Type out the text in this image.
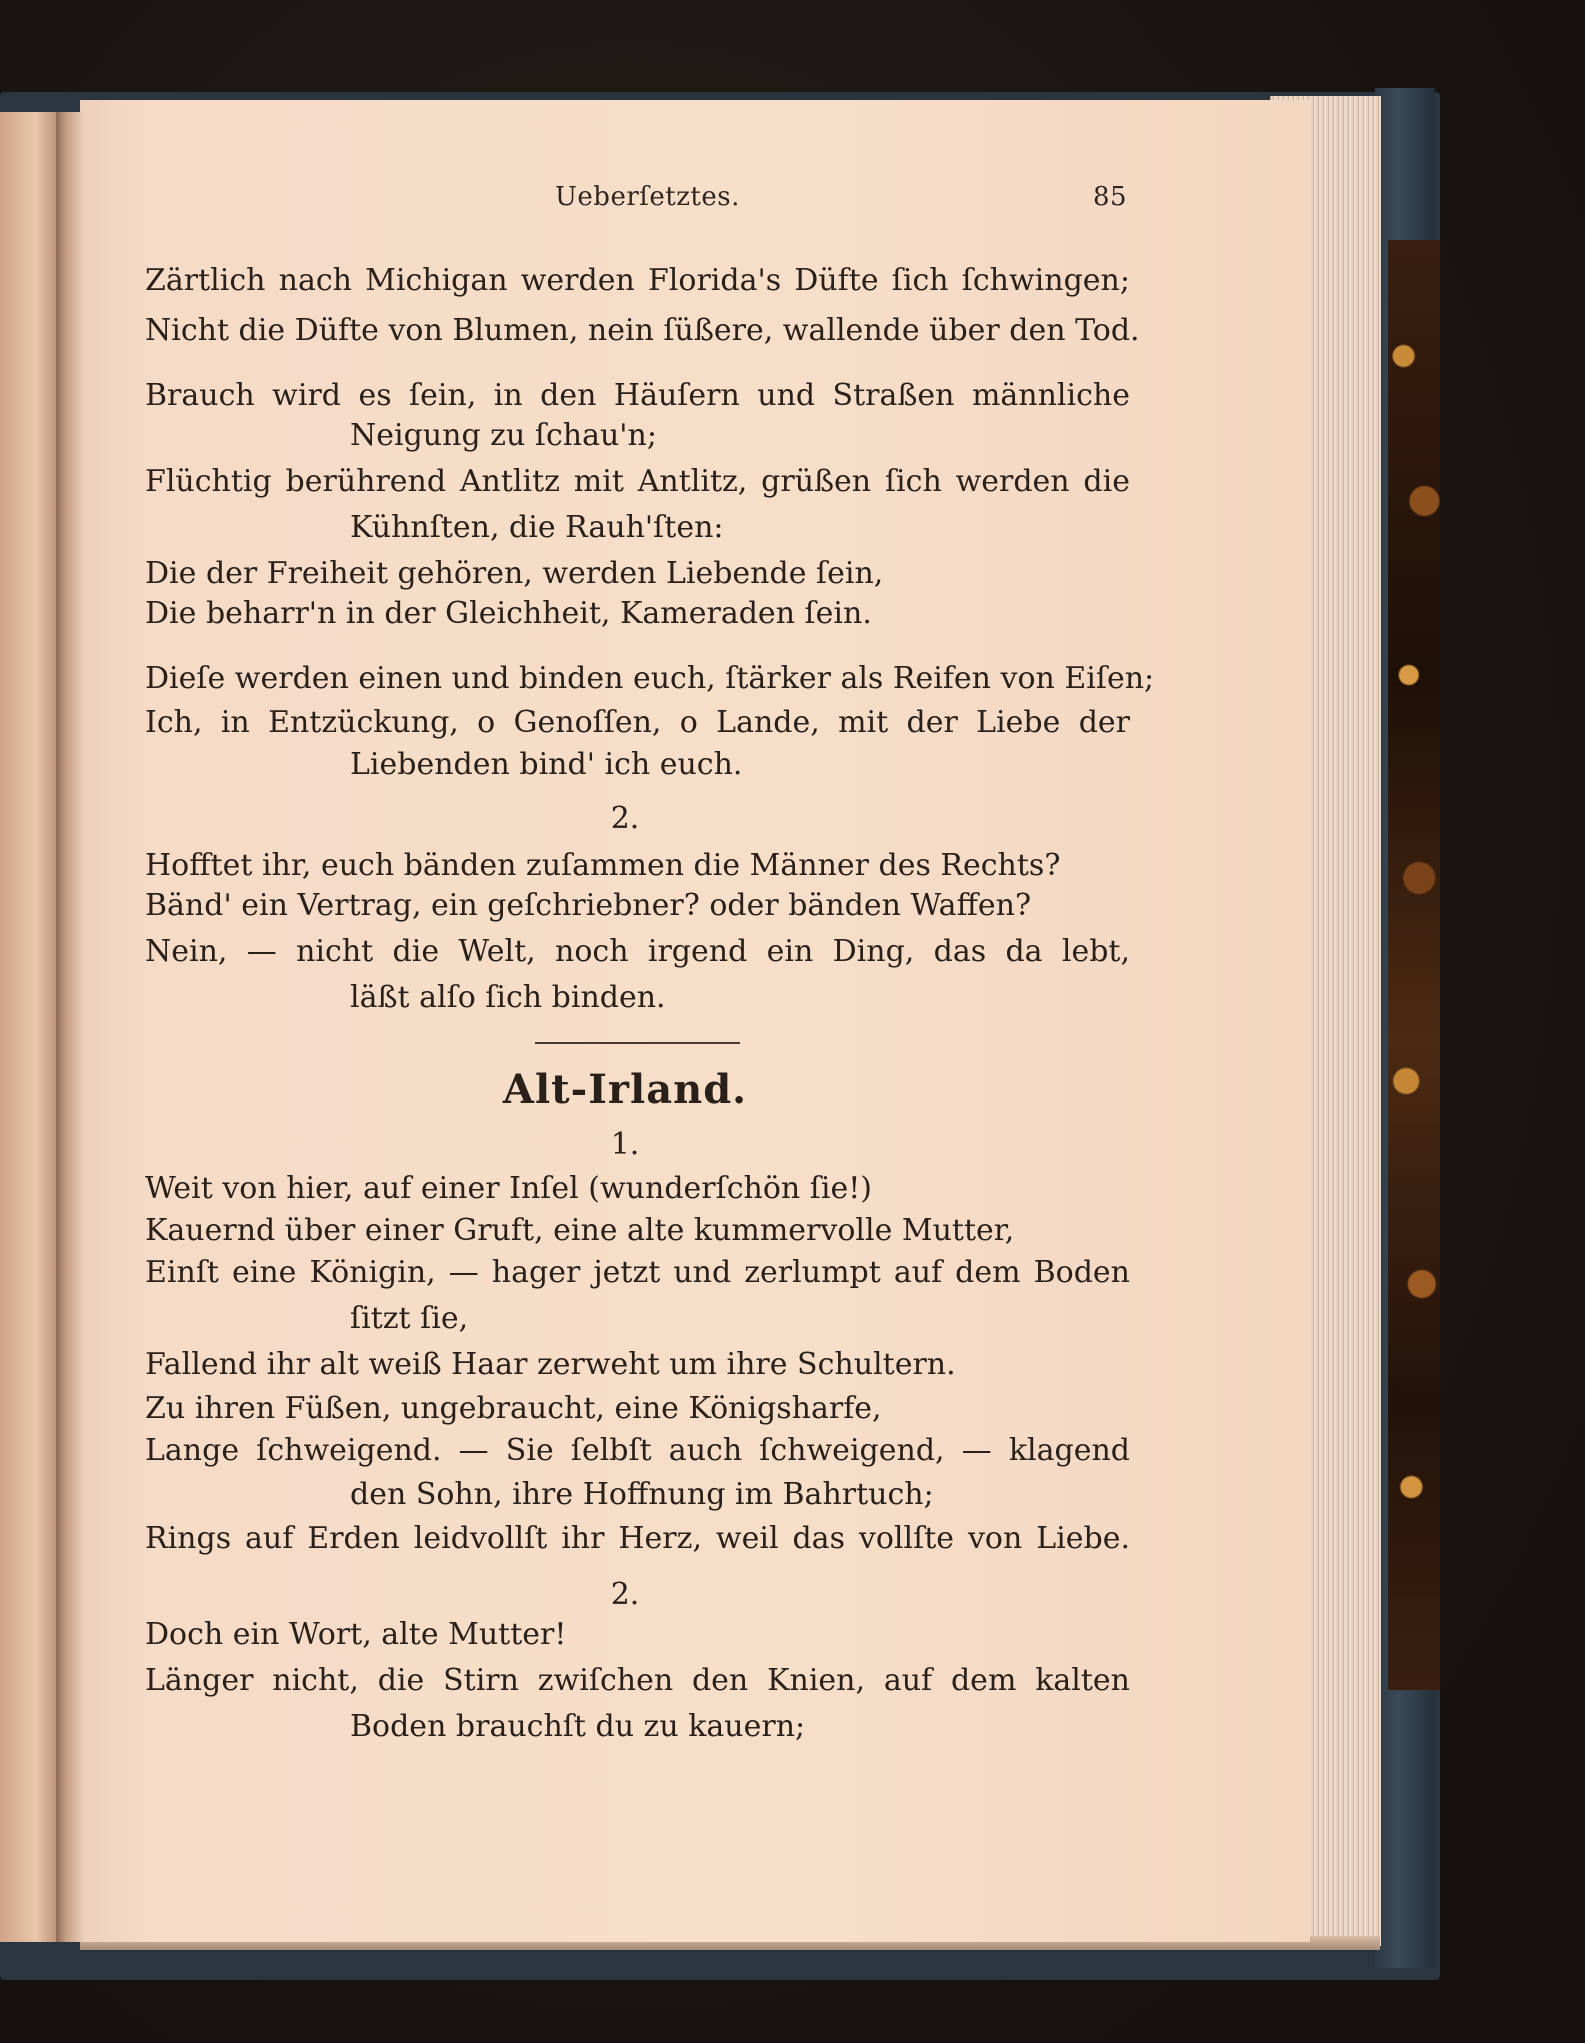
Ueberſetztes.	85
Zärtlich nach Michigan werden Florida's Düfte ſich ſchwingen;
Nicht die Düfte von Blumen, nein ſüßere, wallende über den Tod.
Brauch wird es ſein, in den Häuſern und Straßen männliche
Neigung zu ſchau'n;
Flüchtig berührend Antlitz mit Antlitz, grüßen ſich werden die
Kühnſten, die Rauh'ſten:
Die der Freiheit gehören, werden Liebende ſein,
Die beharr'n in der Gleichheit, Kameraden ſein.
Dieſe werden einen und binden euch, ſtärker als Reifen von Eiſen;
Ich, in Entzückung, o Genoſſen, o Lande, mit der Liebe der
Liebenden bind' ich euch.
2.
Hofftet ihr, euch bänden zuſammen die Männer des Rechts?
Bänd' ein Vertrag, ein geſchriebner? oder bänden Waffen?
Nein, — nicht die Welt, noch irgend ein Ding, das da lebt,
läßt alſo ſich binden.
Alt-Irland.
1.
Weit von hier, auf einer Inſel (wunderſchön ſie!)
Kauernd über einer Gruft, eine alte kummervolle Mutter,
Einſt eine Königin, — hager jetzt und zerlumpt auf dem Boden
ſitzt ſie,
Fallend ihr alt weiß Haar zerweht um ihre Schultern.
Zu ihren Füßen, ungebraucht, eine Königsharfe,
Lange ſchweigend. — Sie ſelbſt auch ſchweigend, — klagend
den Sohn, ihre Hoffnung im Bahrtuch;
Rings auf Erden leidvollſt ihr Herz, weil das vollſte von Liebe.
2.
Doch ein Wort, alte Mutter!
Länger nicht, die Stirn zwiſchen den Knien, auf dem kalten
Boden brauchſt du zu kauern;
